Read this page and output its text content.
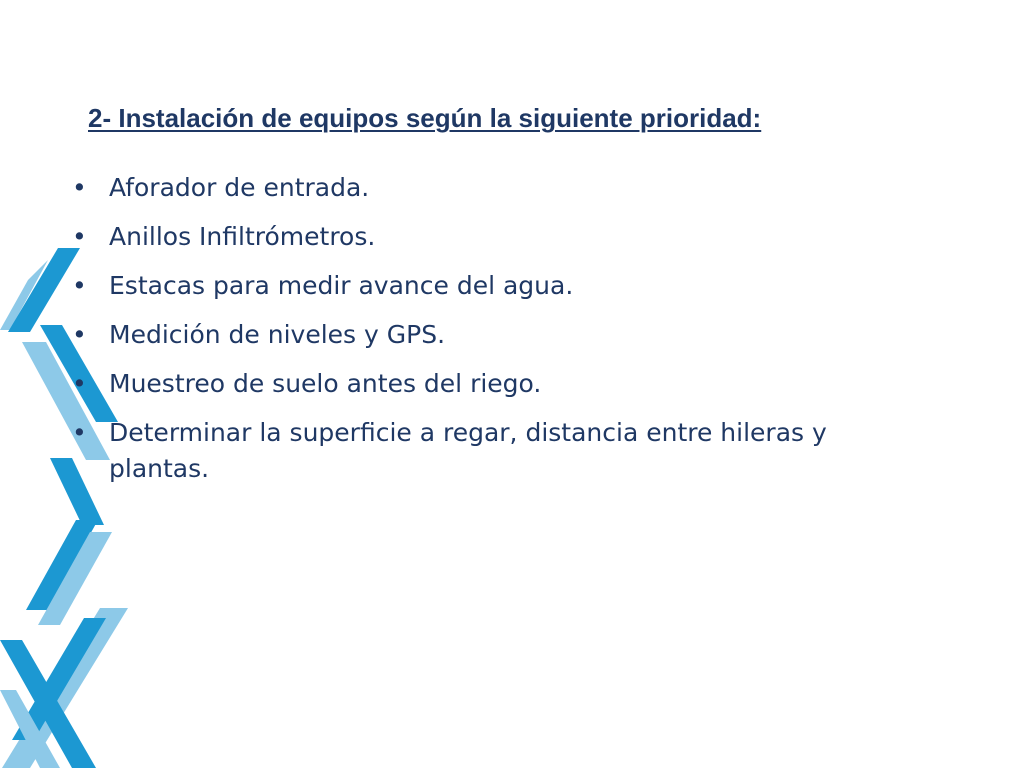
2- Instalación de equipos según la siguiente prioridad:
• Aforador de entrada.
• Anillos Infiltrómetros.
• Estacas para medir avance del agua.
• Medición de niveles y GPS.
• Muestreo de suelo antes del riego.
• Determinar la superficie a regar, distancia entre hileras y plantas.
